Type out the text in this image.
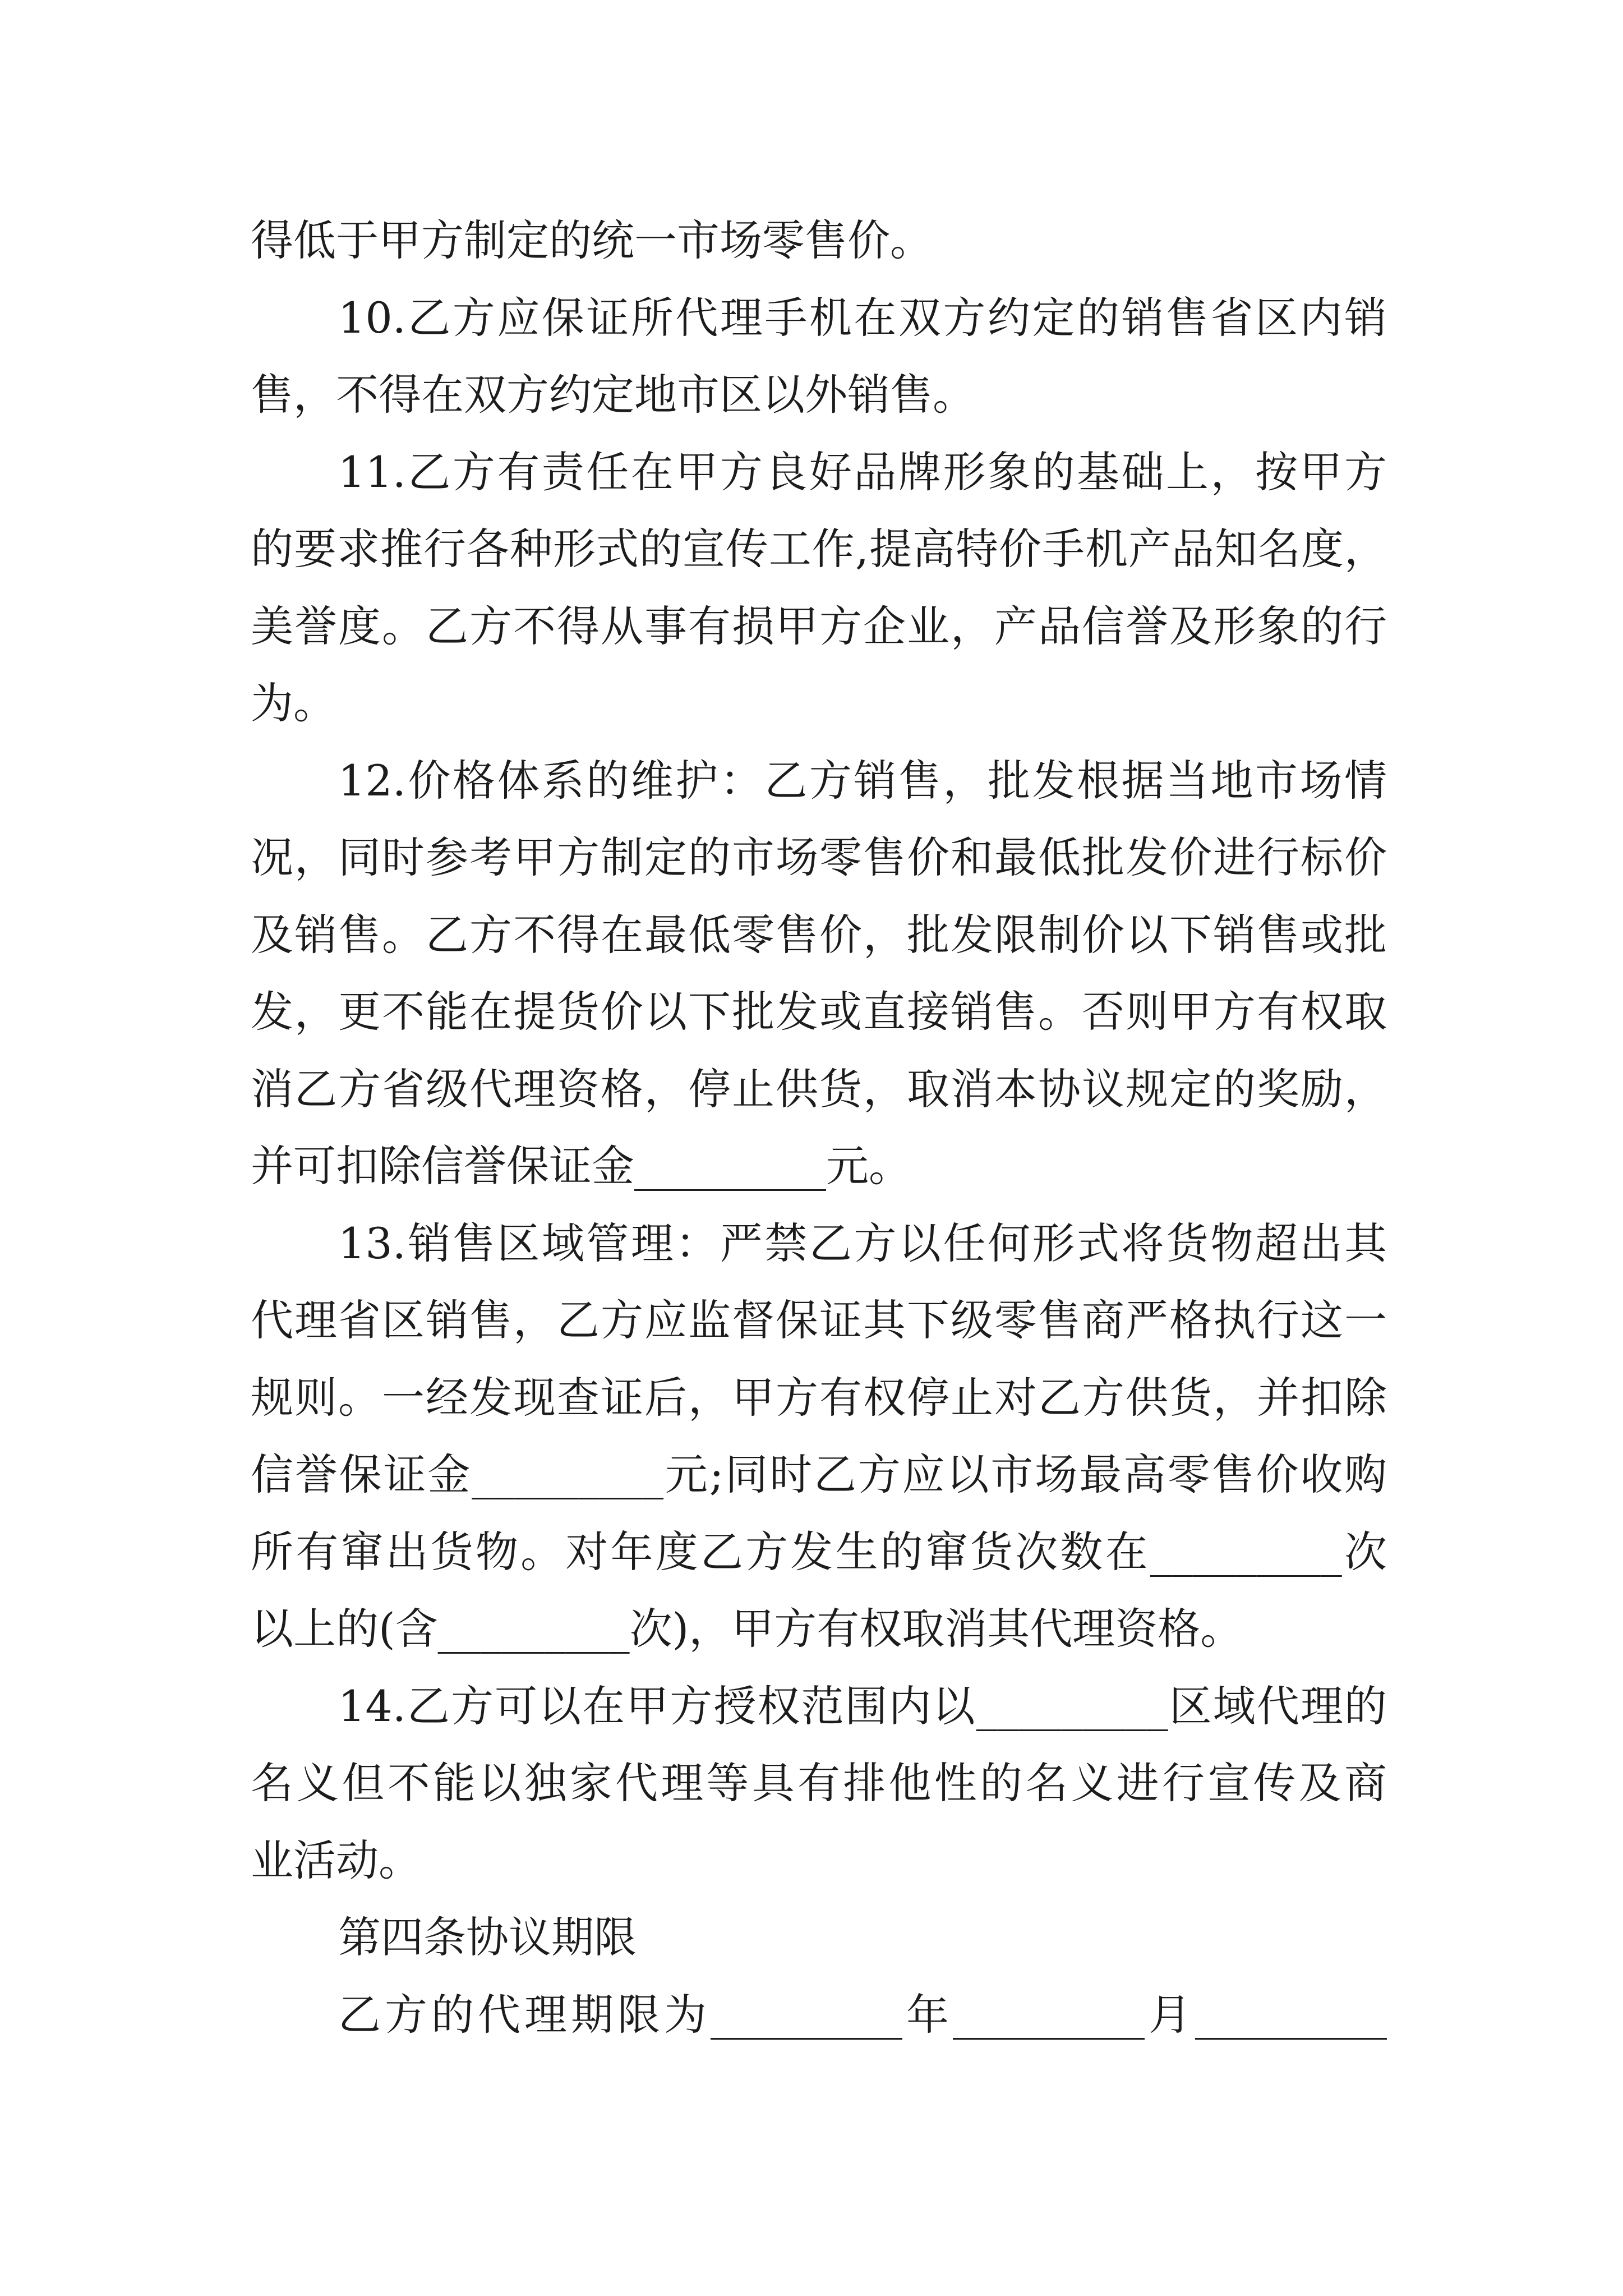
得低于甲方制定的统一市场零售价。
10.乙方应保证所代理手机在双方约定的销售省区内销
售，不得在双方约定地市区以外销售。
11.乙方有责任在甲方良好品牌形象的基础上，按甲方
的要求推行各种形式的宣传工作,提高特价手机产品知名度，
美誉度。乙方不得从事有损甲方企业，产品信誉及形象的行
为。
12.价格体系的维护：乙方销售，批发根据当地市场情
况，同时参考甲方制定的市场零售价和最低批发价进行标价
及销售。乙方不得在最低零售价，批发限制价以下销售或批
发，更不能在提货价以下批发或直接销售。否则甲方有权取
消乙方省级代理资格，停止供货，取消本协议规定的奖励，
并可扣除信誉保证金_________元。
13.销售区域管理：严禁乙方以任何形式将货物超出其
代理省区销售，乙方应监督保证其下级零售商严格执行这一
规则。一经发现查证后，甲方有权停止对乙方供货，并扣除
信誉保证金_________元;同时乙方应以市场最高零售价收购
所有窜出货物。对年度乙方发生的窜货次数在_________次
以上的(含_________次)，甲方有权取消其代理资格。
14.乙方可以在甲方授权范围内以_________区域代理的
名义但不能以独家代理等具有排他性的名义进行宣传及商
业活动。
第四条协议期限
乙方的代理期限为_________年_________月_________
